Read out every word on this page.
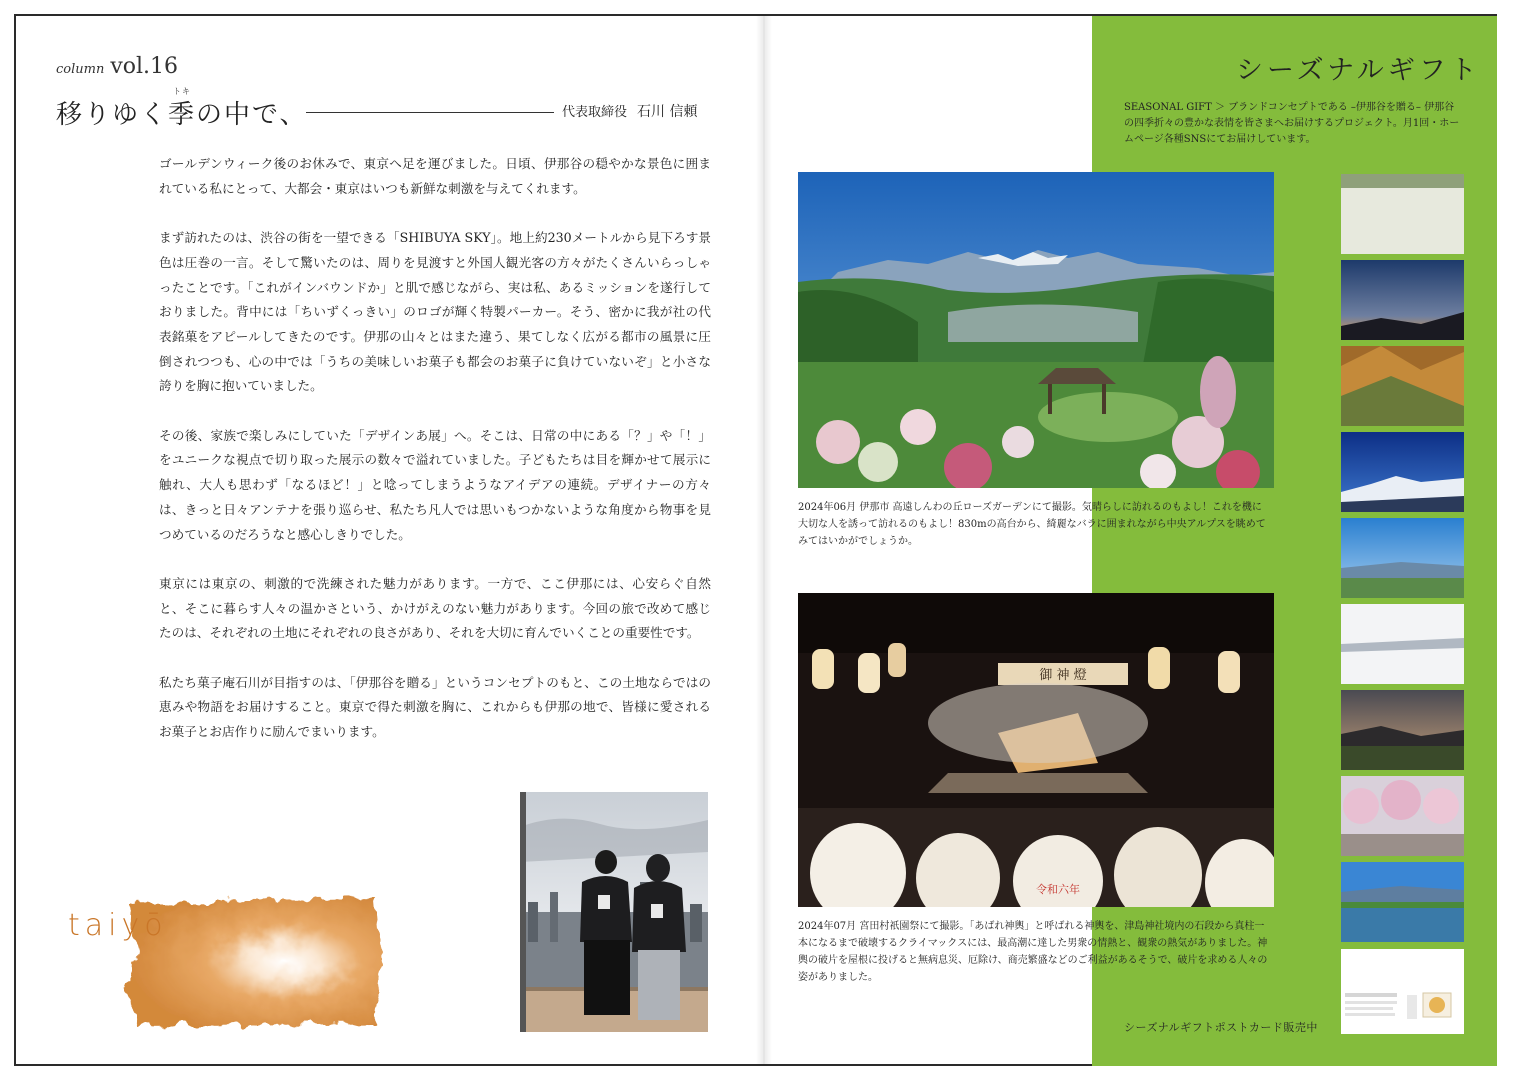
column vol.16
トキ
移りゆく季の中で、	代表取締役 石川 信頼

ゴールデンウィーク後のお休みで、東京へ足を運びました。日頃、伊那谷の穏やかな景色に囲まれている私にとって、大都会・東京はいつも新鮮な刺激を与えてくれます。

まず訪れたのは、渋谷の街を一望できる「SHIBUYA SKY」。地上約230メートルから見下ろす景色は圧巻の一言。そして驚いたのは、周りを見渡すと外国人観光客の方々がたくさんいらっしゃったことです。「これがインバウンドか」と肌で感じながら、実は私、あるミッションを遂行しておりました。背中には「ちいずくっきい」のロゴが輝く特製パーカー。そう、密かに我が社の代表銘菓をアピールしてきたのです。伊那の山々とはまた違う、果てしなく広がる都市の風景に圧倒されつつも、心の中では「うちの美味しいお菓子も都会のお菓子に負けていないぞ」と小さな誇りを胸に抱いていました。

その後、家族で楽しみにしていた「デザインあ展」へ。そこは、日常の中にある「？」や「！」をユニークな視点で切り取った展示の数々で溢れていました。子どもたちは目を輝かせて展示に触れ、大人も思わず「なるほど！」と唸ってしまうようなアイデアの連続。デザイナーの方々は、きっと日々アンテナを張り巡らせ、私たち凡人では思いもつかないような角度から物事を見つめているのだろうなと感心しきりでした。

東京には東京の、刺激的で洗練された魅力があります。一方で、ここ伊那には、心安らぐ自然と、そこに暮らす人々の温かさという、かけがえのない魅力があります。今回の旅で改めて感じたのは、それぞれの土地にそれぞれの良さがあり、それを大切に育んでいくことの重要性です。

私たち菓子庵石川が目指すのは、「伊那谷を贈る」というコンセプトのもと、この土地ならではの恵みや物語をお届けすること。東京で得た刺激を胸に、これからも伊那の地で、皆様に愛されるお菓子とお店作りに励んでまいります。

taiyō
シーズナルギフト
SEASONAL GIFT ＞ ブランドコンセプトである –伊那谷を贈る– 伊那谷の四季折々の豊かな表情を皆さまへお届けするプロジェクト。月1回・ホームページ各種SNSにてお届けしています。
2024年06月 伊那市 高遠しんわの丘ローズガーデンにて撮影。気晴らしに訪れるのもよし！これを機に大切な人を誘って訪れるのもよし！830mの高台から、綺麗なバラに囲まれながら中央アルプスを眺めてみてはいかがでしょうか。
御 神 燈
令和六年
2024年07月 宮田村祇園祭にて撮影。「あばれ神輿」と呼ばれる神輿を、津島神社境内の石段から真柱一本になるまで破壊するクライマックスには、最高潮に達した男衆の情熱と、観衆の熱気がありました。神輿の破片を屋根に投げると無病息災、厄除け、商売繁盛などのご利益があるそうで、破片を求める人々の姿がありました。
シーズナルギフトポストカード販売中
